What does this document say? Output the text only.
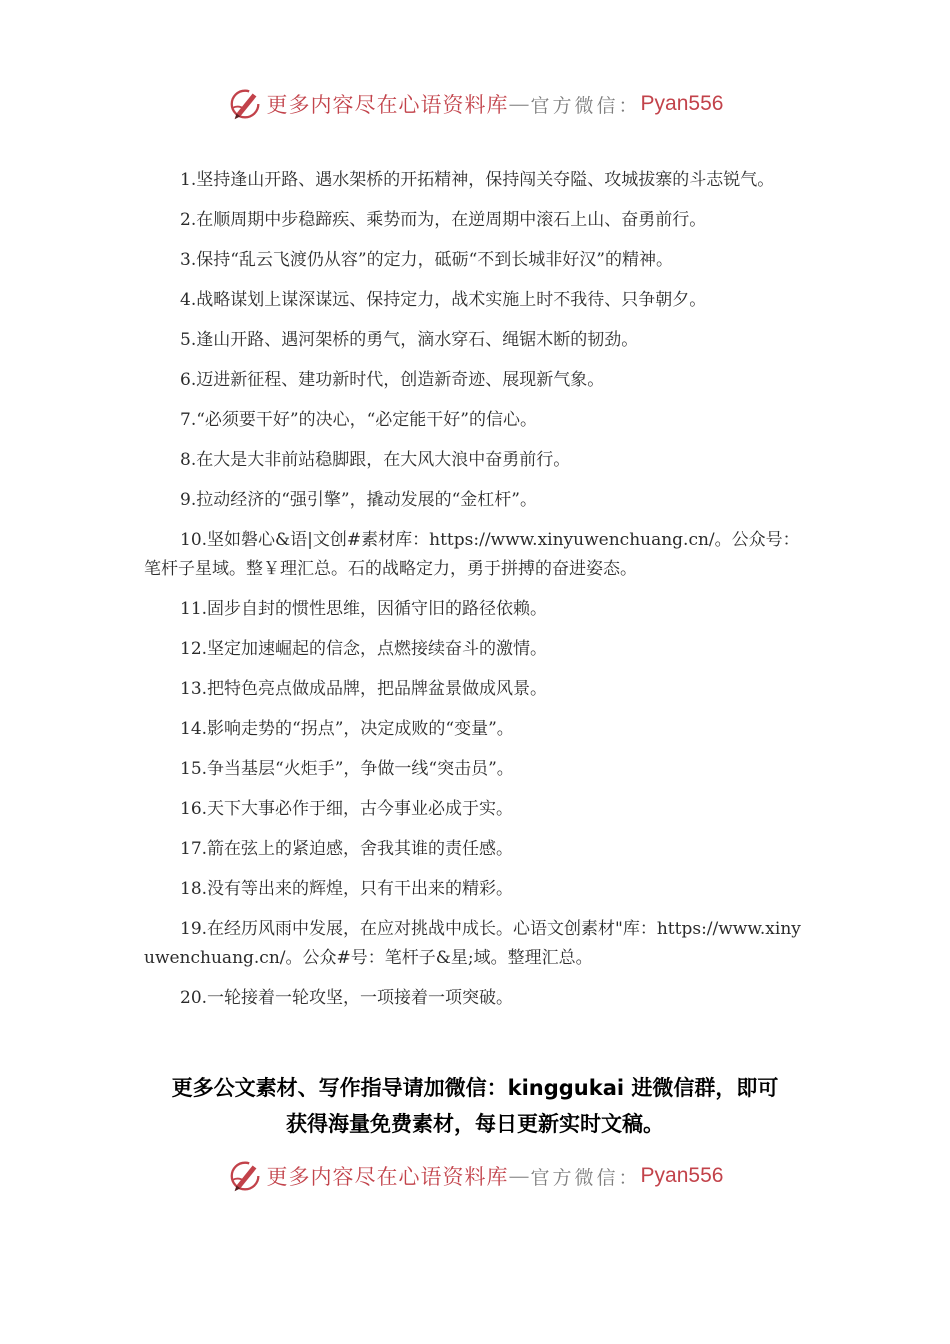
更多内容尽在心语资料库 — 官方微信： Pyan556

1.坚持逢山开路、遇水架桥的开拓精神，保持闯关夺隘、攻城拔寨的斗志锐气。

2.在顺周期中步稳蹄疾、乘势而为，在逆周期中滚石上山、奋勇前行。

3.保持“乱云飞渡仍从容”的定力，砥砺“不到长城非好汉”的精神。

4.战略谋划上谋深谋远、保持定力，战术实施上时不我待、只争朝夕。

5.逢山开路、遇河架桥的勇气，滴水穿石、绳锯木断的韧劲。

6.迈进新征程、建功新时代，创造新奇迹、展现新气象。

7.“必须要干好”的决心，“必定能干好”的信心。

8.在大是大非前站稳脚跟，在大风大浪中奋勇前行。

9.拉动经济的“强引擎”，撬动发展的“金杠杆”。

10.坚如磐心&语|文创#素材库：https://www.xinyuwenchuang.cn/。公众号：笔杆子星域。整￥理汇总。石的战略定力，勇于拼搏的奋进姿态。

11.固步自封的惯性思维，因循守旧的路径依赖。

12.坚定加速崛起的信念，点燃接续奋斗的激情。

13.把特色亮点做成品牌，把品牌盆景做成风景。

14.影响走势的“拐点”，决定成败的“变量”。

15.争当基层“火炬手”，争做一线“突击员”。

16.天下大事必作于细，古今事业必成于实。

17.箭在弦上的紧迫感，舍我其谁的责任感。

18.没有等出来的辉煌，只有干出来的精彩。

19.在经历风雨中发展，在应对挑战中成长。心语文创素材"库：https://www.xinyuwenchuang.cn/。公众#号：笔杆子&星;域。整理汇总。

20.一轮接着一轮攻坚，一项接着一项突破。

更多公文素材、写作指导请加微信：kinggukai 进微信群，即可
获得海量免费素材，每日更新实时文稿。
更多内容尽在心语资料库 — 官方微信： Pyan556
